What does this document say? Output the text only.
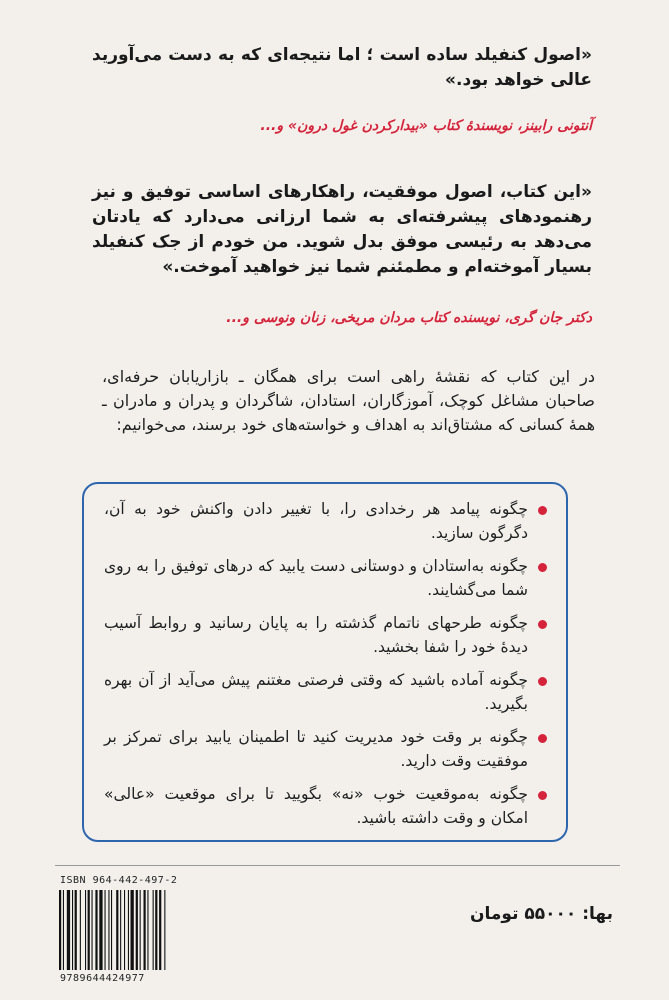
«اصول کنفیلد ساده است ؛ اما نتیجه‌ای که به دست می‌آورید عالی خواهد بود.»

آنتونی رابینز، نویسندهٔ کتاب «بیدارکردن غول درون» و...

«این کتاب، اصول موفقیت، راهکارهای اساسی توفیق و نیز رهنمودهای پیشرفته‌ای به شما ارزانی می‌دارد که یادتان می‌دهد به رئیسی موفق بدل شوید. من خودم از جک کنفیلد بسیار آموخته‌ام و مطمئنم شما نیز خواهید آموخت.»

دکتر جان گری، نویسنده کتاب مردان مریخی، زنان ونوسی و...
در این کتاب که نقشهٔ راهی است برای همگان ـ بازاریابان حرفه‌ای، صاحبان مشاغل کوچک، آموزگاران، استادان، شاگردان و پدران و مادران ـ همهٔ کسانی که مشتاق‌اند به اهداف و خواسته‌های خود برسند، می‌خوانیم:
چگونه پیامد هر رخدادی را، با تغییر دادن واکنش خود به آن، دگرگون سازید.
چگونه به‌استادان و دوستانی دست یابید که درهای توفیق را به روی شما می‌گشایند.
چگونه طرحهای ناتمام گذشته را به پایان رسانید و روابط آسیب دیدهٔ خود را شفا بخشید.
چگونه آماده باشید که وقتی فرصتی مغتنم پیش می‌آید از آن بهره بگیرید.
چگونه بر وقت خود مدیریت کنید تا اطمینان یابید برای تمرکز بر موفقیت وقت دارید.
چگونه به‌موقعیت خوب «نه» بگویید تا برای موقعیت «عالی» امکان و وقت داشته باشید.
ISBN 964-442-497-2
9789644424977
بها: ۵۵۰۰۰ تومان
